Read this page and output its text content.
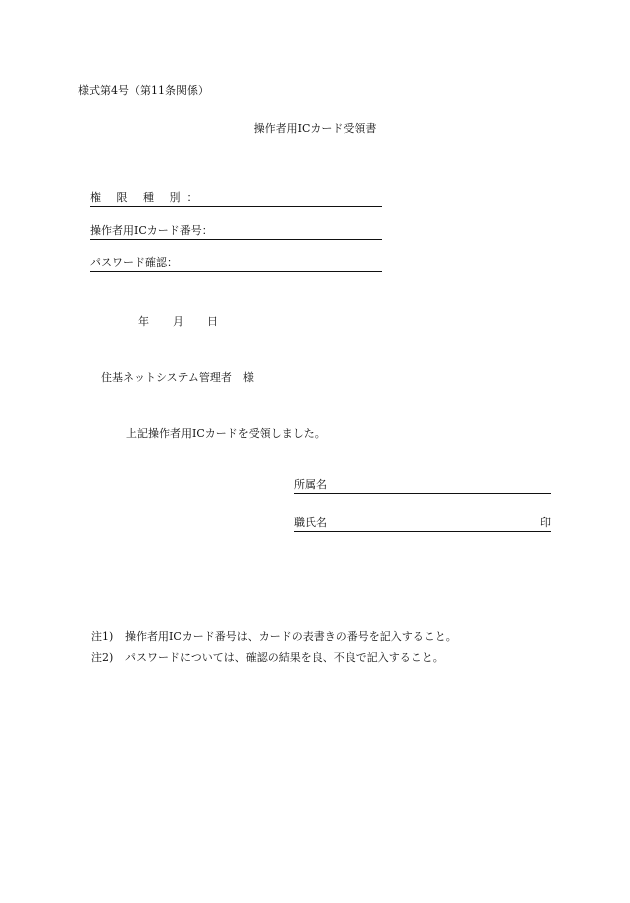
様式第4号（第11条関係）
操作者用ICカード受領書
権 限 種 別：
操作者用ICカード番号：
パスワード確認：
年 月 日
住基ネットシステム管理者　様
上記操作者用ICカードを受領しました。
所属名
職氏名	印
注1) 操作者用ICカード番号は、カードの表書きの番号を記入すること。
注2) パスワードについては、確認の結果を良、不良で記入すること。
